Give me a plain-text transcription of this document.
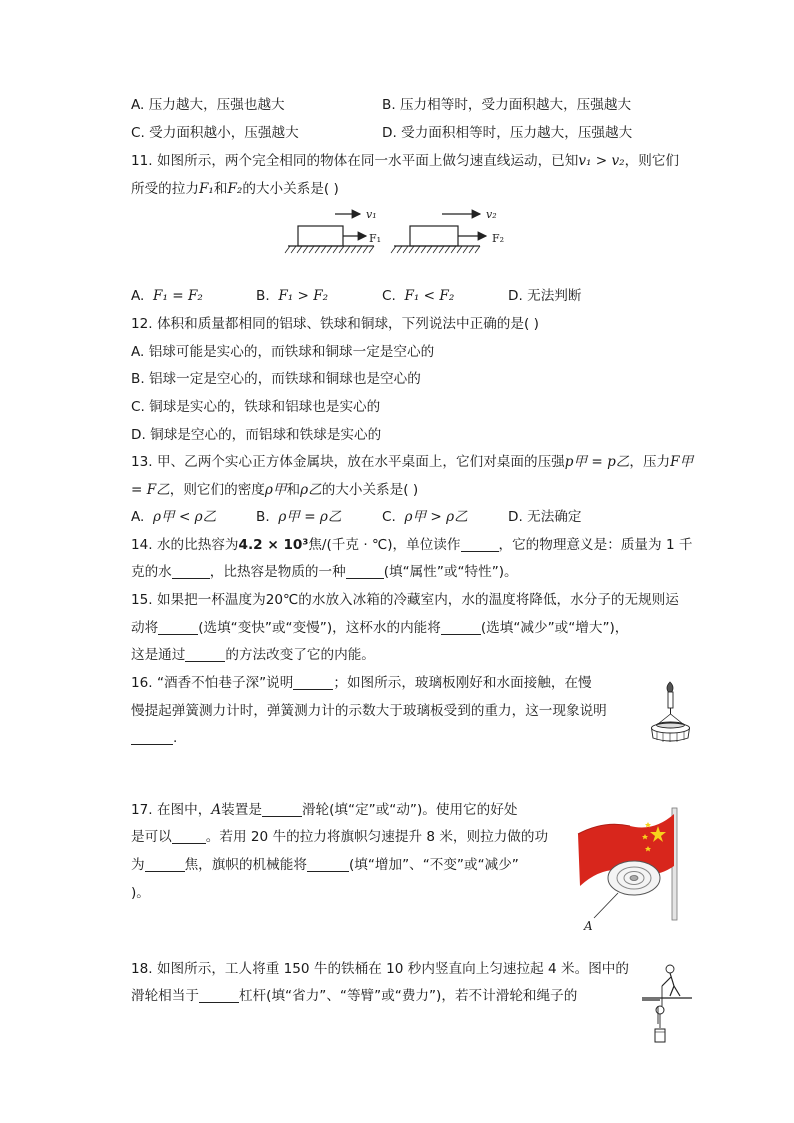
A. 压力越大，压强也越大	B. 压力相等时，受力面积越大，压强越大
C. 受力面积越小，压强越大	D. 受力面积相等时，压力越大，压强越大
11. 如图所示，两个完全相同的物体在同一水平面上做匀速直线运动，已知v₁ > v₂，则它们
所受的拉力F₁和F₂的大小关系是( )
v₁
F₁
v₂
F₂
A. F₁ = F₂	B. F₁ > F₂	C. F₁ < F₂	D. 无法判断
12. 体积和质量都相同的铝球、铁球和铜球，下列说法中正确的是( )
A. 铝球可能是实心的，而铁球和铜球一定是空心的
B. 铝球一定是空心的，而铁球和铜球也是空心的
C. 铜球是实心的，铁球和铝球也是实心的
D. 铜球是空心的，而铝球和铁球是实心的
13. 甲、乙两个实心正方体金属块，放在水平桌面上，它们对桌面的压强p甲 = p乙，压力F甲
= F乙，则它们的密度ρ甲和ρ乙的大小关系是( )
A. ρ甲 < ρ乙	B. ρ甲 = ρ乙	C. ρ甲 > ρ乙	D. 无法确定
14. 水的比热容为4.2 × 10³焦/(千克 · ℃)，单位读作	，它的物理意义是：质量为 1 千
克的水	，比热容是物质的一种	(填“属性”或“特性”)。
15. 如果把一杯温度为20℃的水放入冰箱的冷藏室内，水的温度将降低，水分子的无规则运
动将	(选填“变快”或“变慢”)，这杯水的内能将	(选填“减少”或“增大”)，
这是通过	的方法改变了它的内能。
16. “酒香不怕巷子深”说明	；如图所示，玻璃板刚好和水面接触，在慢
慢提起弹簧测力计时，弹簧测力计的示数大于玻璃板受到的重力，这一现象说明
.
17. 在图中，A装置是	滑轮(填“定”或“动”)。使用它的好处
是可以	。若用 20 牛的拉力将旗帜匀速提升 8 米，则拉力做的功
为	焦，旗帜的机械能将	(填“增加”、“不变”或“减少”
)。
A
18. 如图所示，工人将重 150 牛的铁桶在 10 秒内竖直向上匀速拉起 4 米。图中的
滑轮相当于	杠杆(填“省力”、“等臂”或“费力”)，若不计滑轮和绳子的
